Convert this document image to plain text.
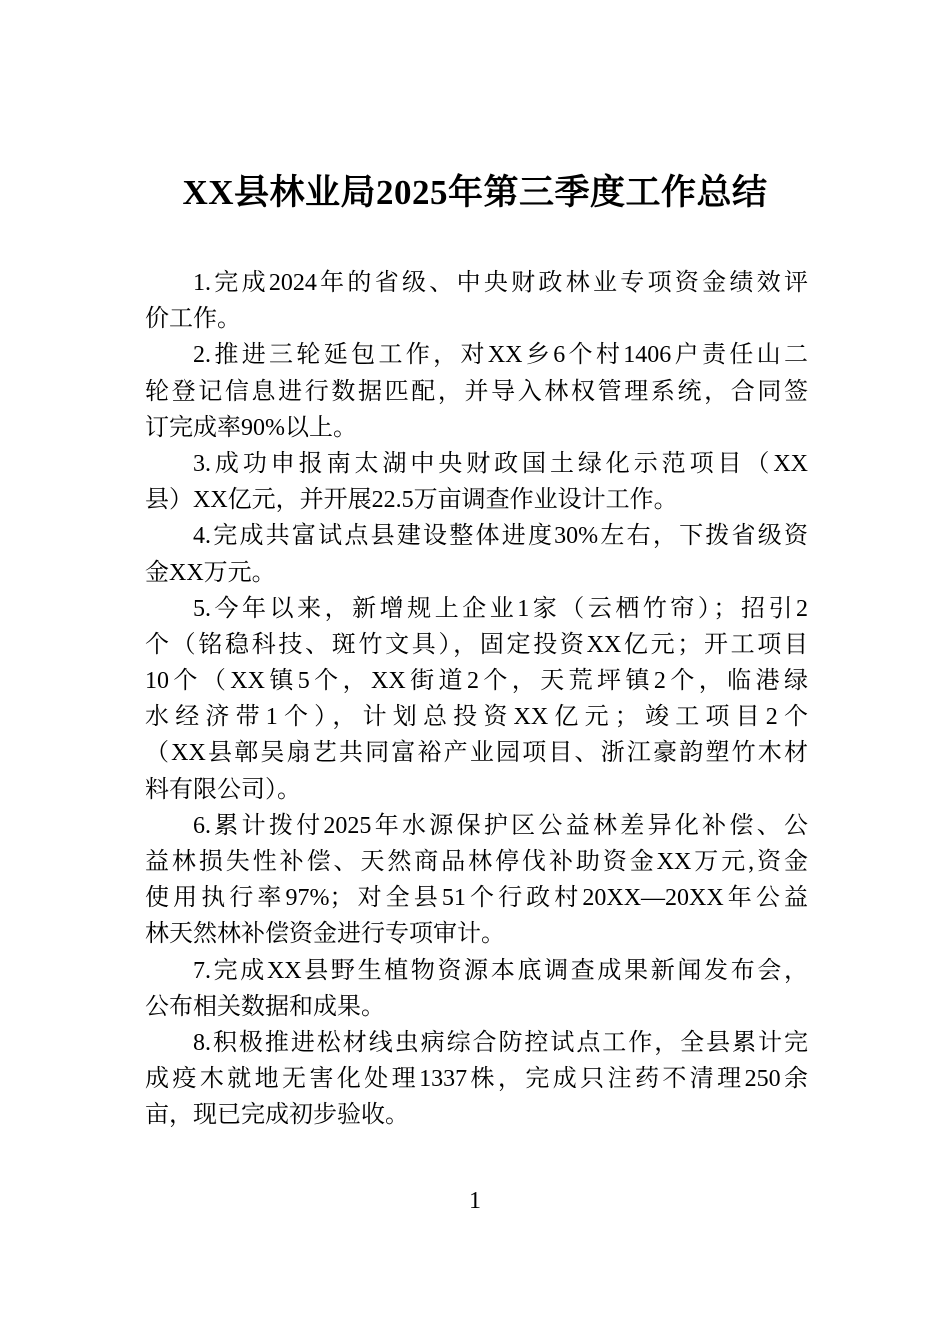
XX县林业局2025年第三季度工作总结
1.完成2024年的省级、中央财政林业专项资金绩效评
价工作。
2.推进三轮延包工作，对XX乡6个村1406户责任山二
轮登记信息进行数据匹配，并导入林权管理系统，合同签
订完成率90%以上。
3.成功申报南太湖中央财政国土绿化示范项目（XX
县）XX亿元，并开展22.5万亩调查作业设计工作。
4.完成共富试点县建设整体进度30%左右，下拨省级资
金XX万元。
5.今年以来，新增规上企业1家（云栖竹帘）；招引2
个（铭稳科技、斑竹文具），固定投资XX亿元；开工项目
10个（XX镇5个，XX街道2个，天荒坪镇2个，临港绿
水经济带1个），计划总投资XX亿元；竣工项目2个
（XX县鄣吴扇艺共同富裕产业园项目、浙江豪韵塑竹木材
料有限公司）。
6.累计拨付2025年水源保护区公益林差异化补偿、公
益林损失性补偿、天然商品林停伐补助资金XX万元,资金
使用执行率97%；对全县51个行政村20XX—20XX年公益
林天然林补偿资金进行专项审计。
7.完成XX县野生植物资源本底调查成果新闻发布会，
公布相关数据和成果。
8.积极推进松材线虫病综合防控试点工作，全县累计完
成疫木就地无害化处理1337株，完成只注药不清理250余
亩，现已完成初步验收。
1
